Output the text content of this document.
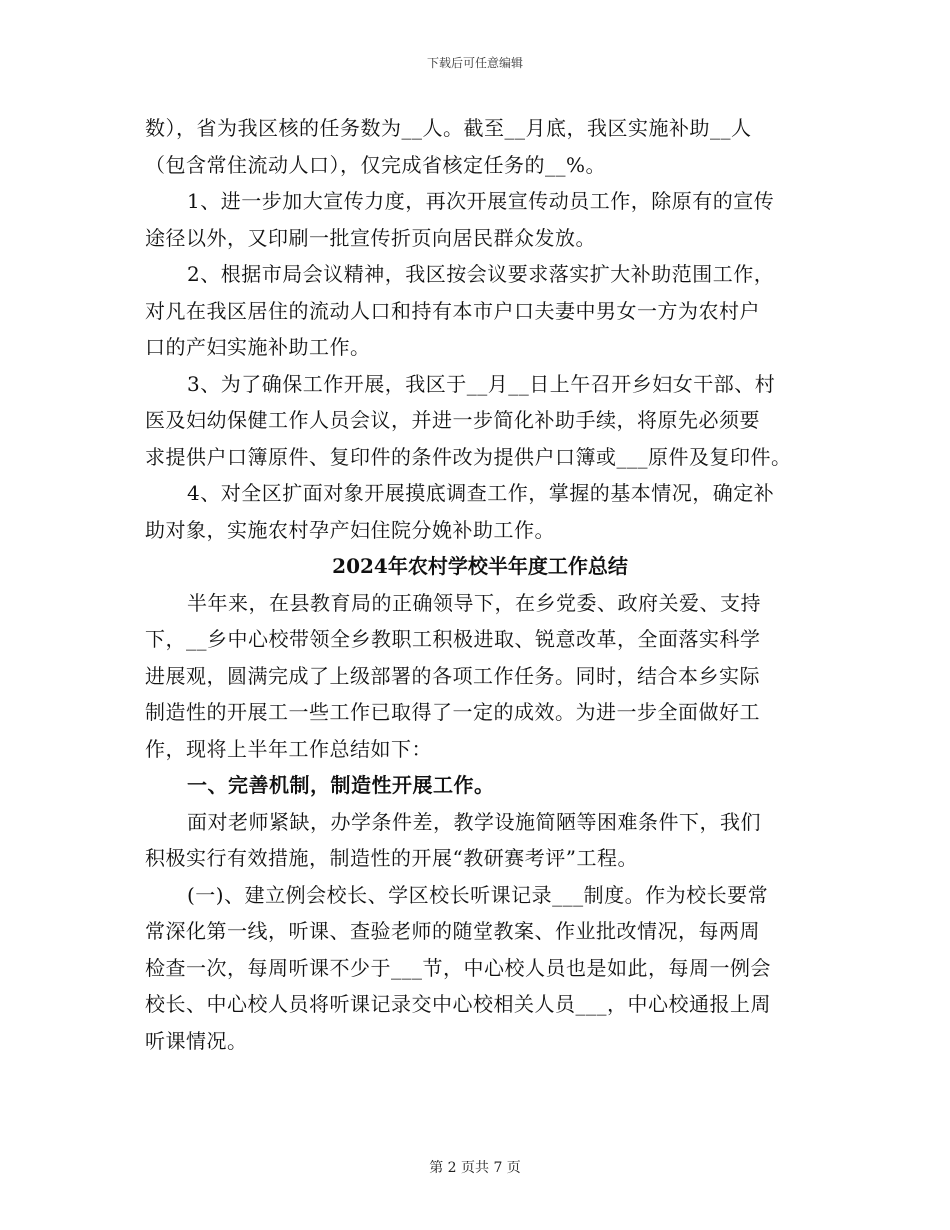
下载后可任意编辑
数），省为我区核的任务数为__人。截至__月底，我区实施补助__人
（包含常住流动人口），仅完成省核定任务的__%。
1、进一步加大宣传力度，再次开展宣传动员工作，除原有的宣传
途径以外，又印刷一批宣传折页向居民群众发放。
2、根据市局会议精神，我区按会议要求落实扩大补助范围工作，
对凡在我区居住的流动人口和持有本市户口夫妻中男女一方为农村户
口的产妇实施补助工作。
3、为了确保工作开展，我区于__月__日上午召开乡妇女干部、村
医及妇幼保健工作人员会议，并进一步简化补助手续，将原先必须要
求提供户口簿原件、复印件的条件改为提供户口簿或___原件及复印件。
4、对全区扩面对象开展摸底调查工作，掌握的基本情况，确定补
助对象，实施农村孕产妇住院分娩补助工作。
2024年农村学校半年度工作总结
半年来，在县教育局的正确领导下，在乡党委、政府关爱、支持
下，__乡中心校带领全乡教职工积极进取、锐意改革，全面落实科学
进展观，圆满完成了上级部署的各项工作任务。同时，结合本乡实际
制造性的开展工一些工作已取得了一定的成效。为进一步全面做好工
作，现将上半年工作总结如下：
一、完善机制，制造性开展工作。
面对老师紧缺，办学条件差，教学设施简陋等困难条件下，我们
积极实行有效措施，制造性的开展“教研赛考评”工程。
(一)、建立例会校长、学区校长听课记录___制度。作为校长要常
常深化第一线，听课、查验老师的随堂教案、作业批改情况，每两周
检查一次，每周听课不少于___节，中心校人员也是如此，每周一例会
校长、中心校人员将听课记录交中心校相关人员___，中心校通报上周
听课情况。
第 2 页共 7 页
